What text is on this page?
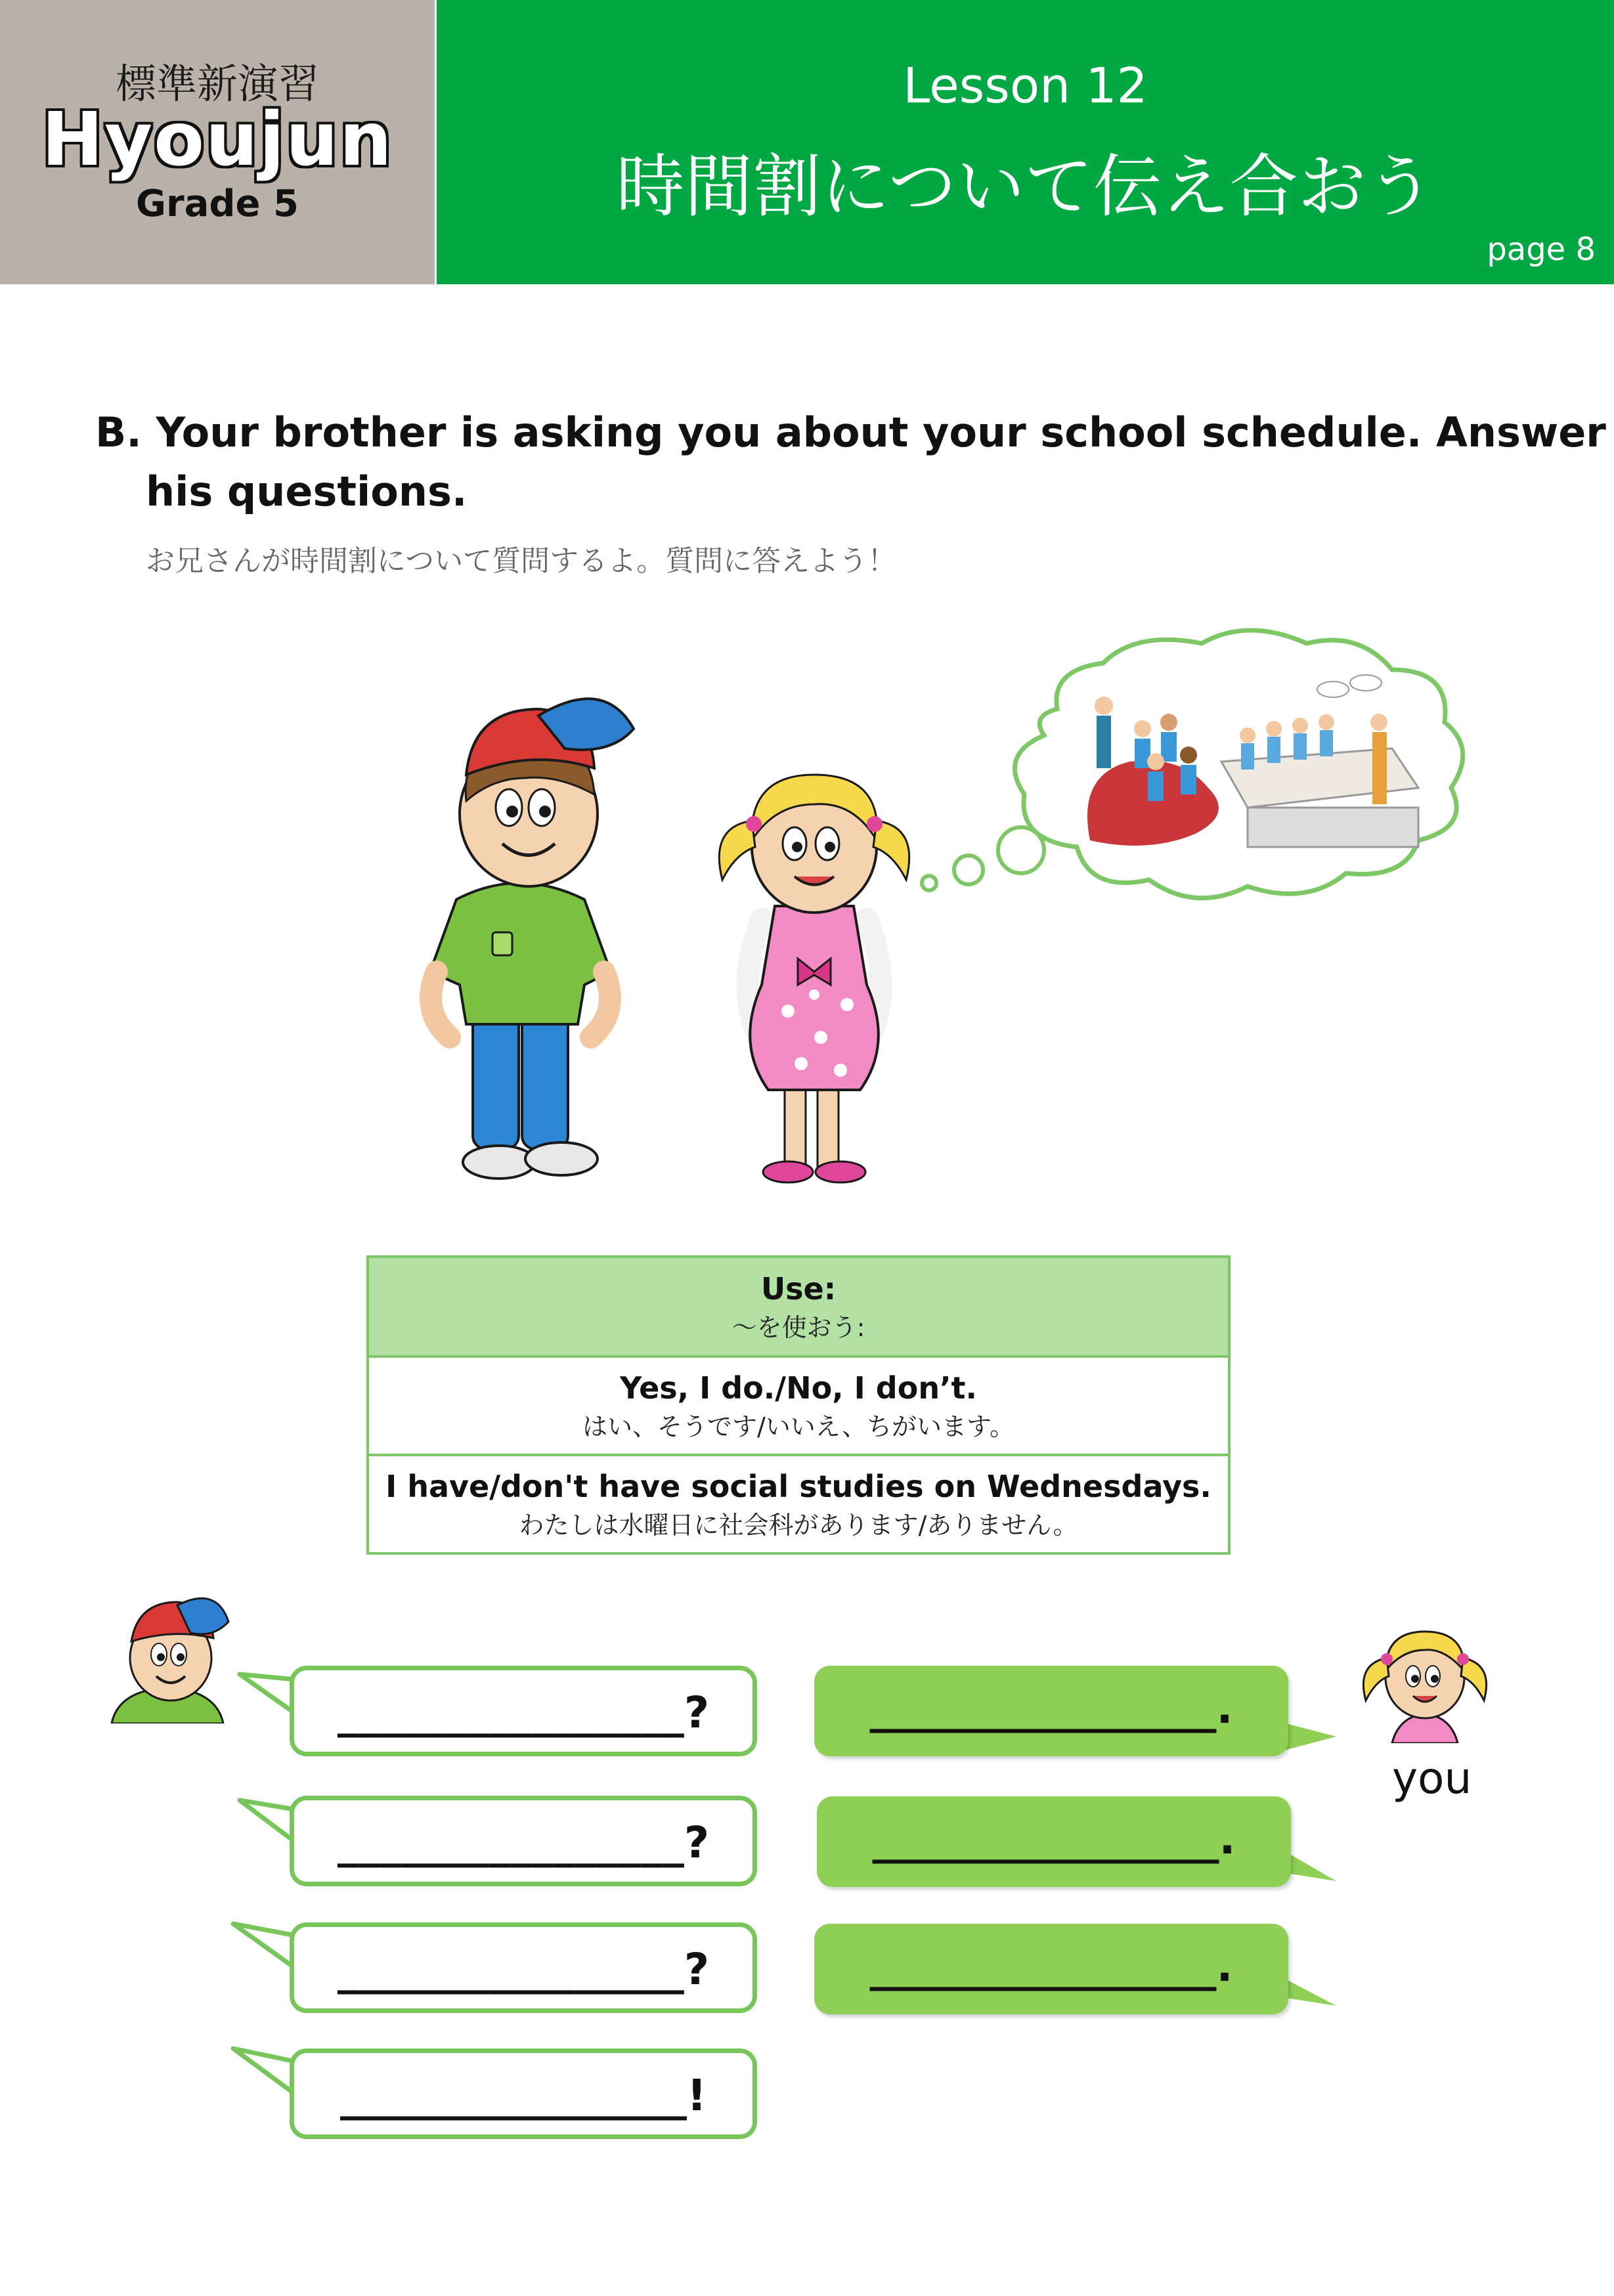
標準新演習
Hyoujun
Grade 5
Lesson 12
時間割について伝え合おう
page 8
B. Your brother is asking you about your school schedule. Answer
his questions.
お兄さんが時間割について質問するよ。質問に答えよう！
Use:
～を使おう:

Yes, I do./No, I don’t.
はい、そうです/いいえ、ちがいます。

I have/don't have social studies on Wednesdays.
わたしは水曜日に社会科があります/ありません。
you
________________?
________________?
________________?
________________!
________________.
________________.
________________.
